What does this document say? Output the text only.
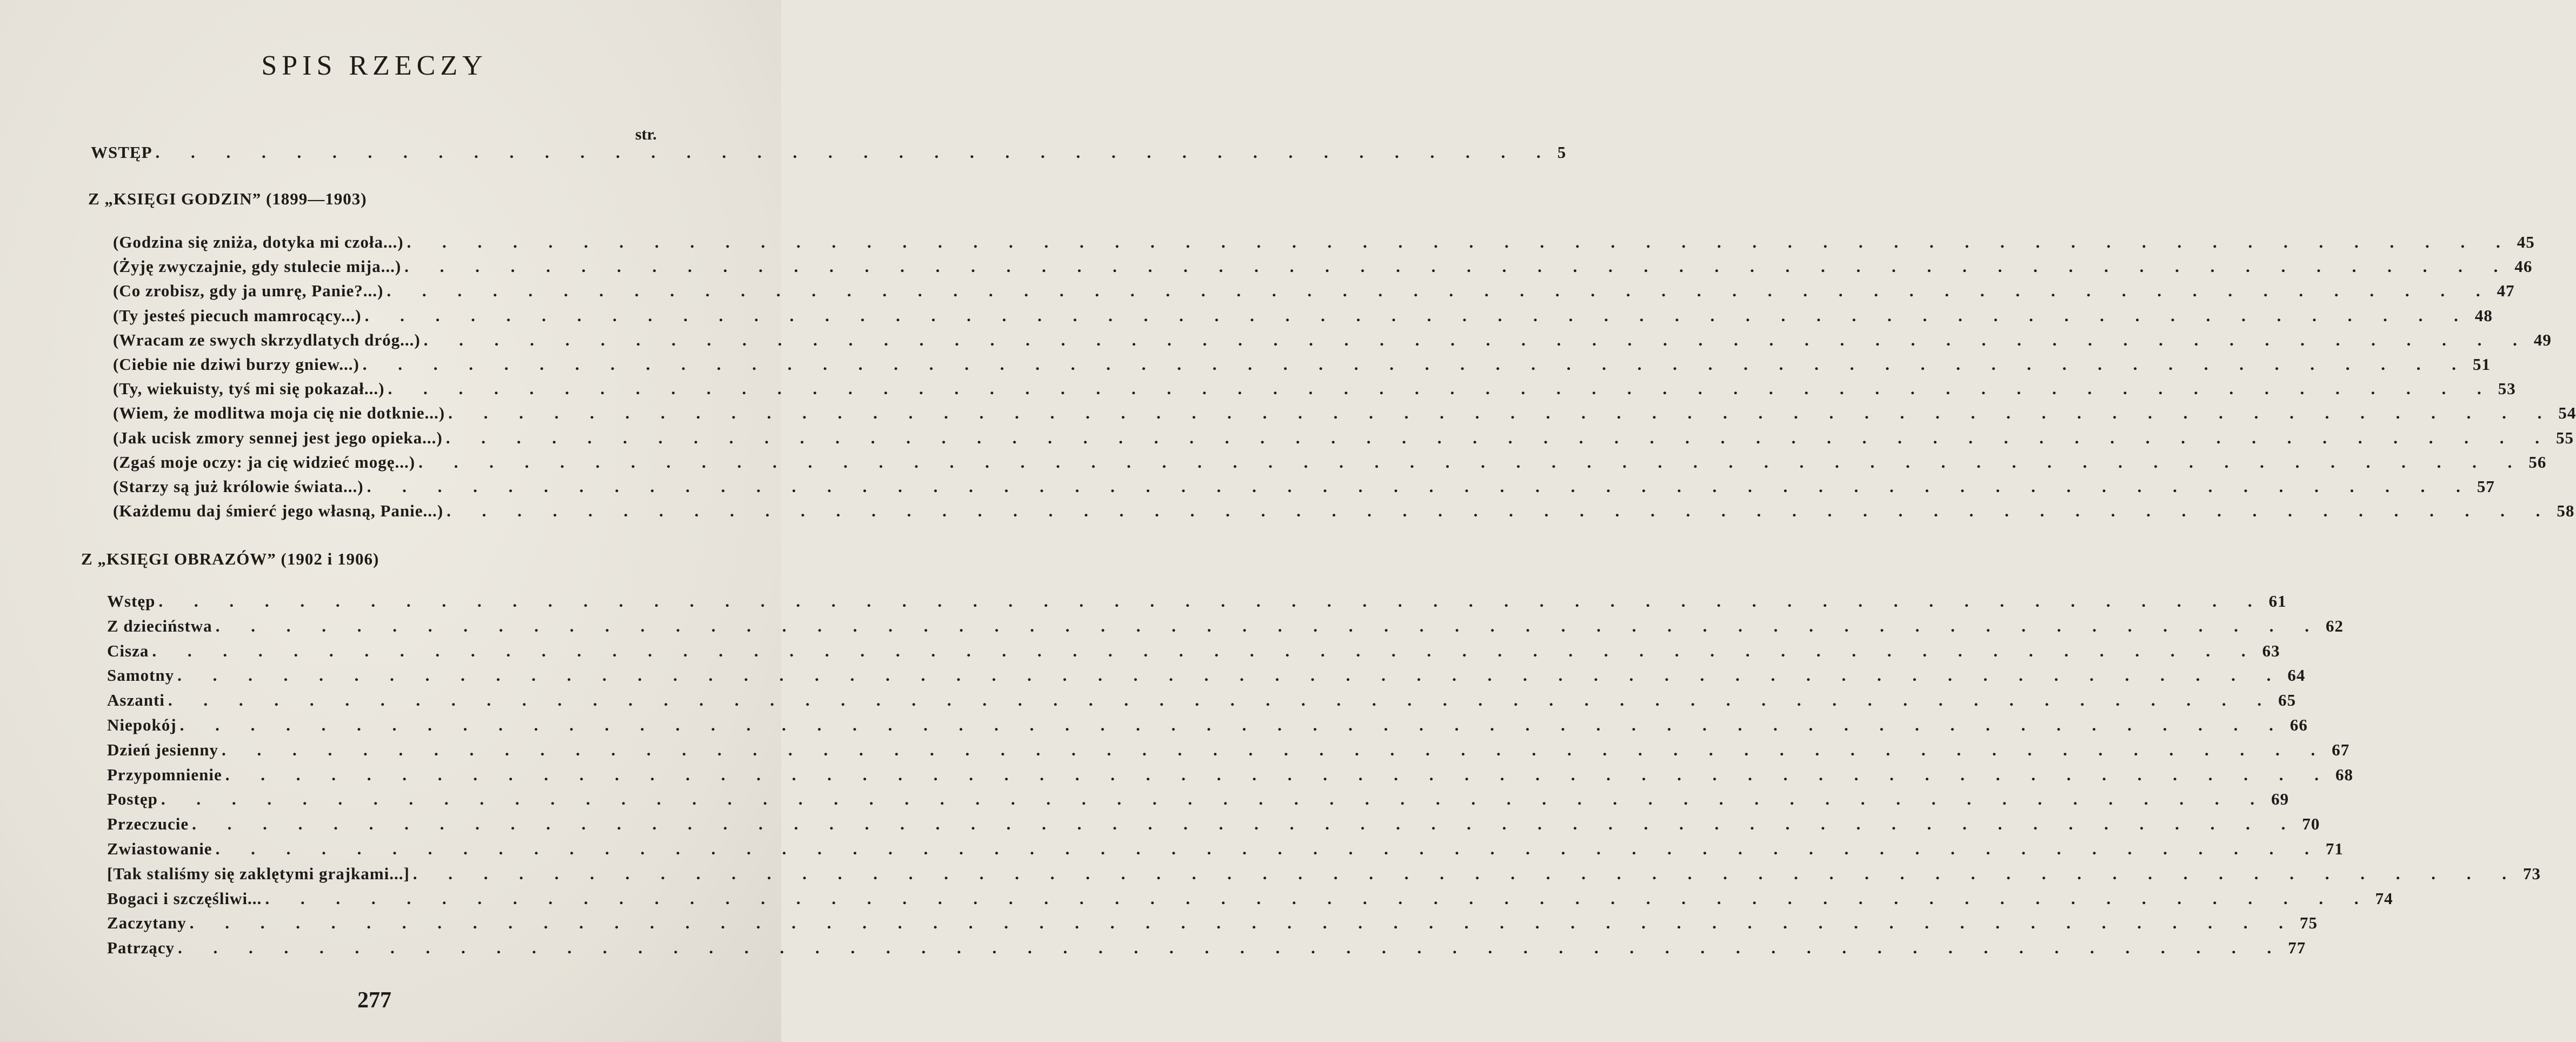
SPIS RZECZY
str.
WSTĘP . . . . . . . . . . . . . . . . . . . . . . . . . . . . . . . . . . . . . . . . 5
Z „KSIĘGI GODZIN” (1899—1903)
(Godzina się zniża, dotyka mi czoła...) . . . . . . . . . . . . . . . . . . . . . . . . . . . . . . . . . . . . . . . . . . . . . . . . . . . . . . . . . . . . 45
(Żyję zwyczajnie, gdy stulecie mija...) . . . . . . . . . . . . . . . . . . . . . . . . . . . . . . . . . . . . . . . . . . . . . . . . . . . . . . . . . . . . 46
(Co zrobisz, gdy ja umrę, Panie?...) . . . . . . . . . . . . . . . . . . . . . . . . . . . . . . . . . . . . . . . . . . . . . . . . . . . . . . . . . . . . 47
(Ty jesteś piecuch mamrocący...) . . . . . . . . . . . . . . . . . . . . . . . . . . . . . . . . . . . . . . . . . . . . . . . . . . . . . . . . . . . . 48
(Wracam ze swych skrzydlatych dróg...) . . . . . . . . . . . . . . . . . . . . . . . . . . . . . . . . . . . . . . . . . . . . . . . . . . . . . . . . . . . . 49
(Ciebie nie dziwi burzy gniew...) . . . . . . . . . . . . . . . . . . . . . . . . . . . . . . . . . . . . . . . . . . . . . . . . . . . . . . . . . . . . 51
(Ty, wiekuisty, tyś mi się pokazał...) . . . . . . . . . . . . . . . . . . . . . . . . . . . . . . . . . . . . . . . . . . . . . . . . . . . . . . . . . . . . 53
(Wiem, że modlitwa moja cię nie dotknie...) . . . . . . . . . . . . . . . . . . . . . . . . . . . . . . . . . . . . . . . . . . . . . . . . . . . . . . . . . . . . 54
(Jak ucisk zmory sennej jest jego opieka...) . . . . . . . . . . . . . . . . . . . . . . . . . . . . . . . . . . . . . . . . . . . . . . . . . . . . . . . . . . . . 55
(Zgaś moje oczy: ja cię widzieć mogę...) . . . . . . . . . . . . . . . . . . . . . . . . . . . . . . . . . . . . . . . . . . . . . . . . . . . . . . . . . . . . 56
(Starzy są już królowie świata...) . . . . . . . . . . . . . . . . . . . . . . . . . . . . . . . . . . . . . . . . . . . . . . . . . . . . . . . . . . . . 57
(Każdemu daj śmierć jego własną, Panie...) . . . . . . . . . . . . . . . . . . . . . . . . . . . . . . . . . . . . . . . . . . . . . . . . . . . . . . . . . . . . 58
Z „KSIĘGI OBRAZÓW” (1902 i 1906)
Wstęp . . . . . . . . . . . . . . . . . . . . . . . . . . . . . . . . . . . . . . . . . . . . . . . . . . . . . . . . . . . . 61
Z dzieciństwa . . . . . . . . . . . . . . . . . . . . . . . . . . . . . . . . . . . . . . . . . . . . . . . . . . . . . . . . . . . . 62
Cisza . . . . . . . . . . . . . . . . . . . . . . . . . . . . . . . . . . . . . . . . . . . . . . . . . . . . . . . . . . . . 63
Samotny . . . . . . . . . . . . . . . . . . . . . . . . . . . . . . . . . . . . . . . . . . . . . . . . . . . . . . . . . . . . 64
Aszanti . . . . . . . . . . . . . . . . . . . . . . . . . . . . . . . . . . . . . . . . . . . . . . . . . . . . . . . . . . . . 65
Niepokój . . . . . . . . . . . . . . . . . . . . . . . . . . . . . . . . . . . . . . . . . . . . . . . . . . . . . . . . . . . . 66
Dzień jesienny . . . . . . . . . . . . . . . . . . . . . . . . . . . . . . . . . . . . . . . . . . . . . . . . . . . . . . . . . . . . 67
Przypomnienie . . . . . . . . . . . . . . . . . . . . . . . . . . . . . . . . . . . . . . . . . . . . . . . . . . . . . . . . . . . . 68
Postęp . . . . . . . . . . . . . . . . . . . . . . . . . . . . . . . . . . . . . . . . . . . . . . . . . . . . . . . . . . . . 69
Przeczucie . . . . . . . . . . . . . . . . . . . . . . . . . . . . . . . . . . . . . . . . . . . . . . . . . . . . . . . . . . . . 70
Zwiastowanie . . . . . . . . . . . . . . . . . . . . . . . . . . . . . . . . . . . . . . . . . . . . . . . . . . . . . . . . . . . . 71
[Tak staliśmy się zaklętymi grajkami...] . . . . . . . . . . . . . . . . . . . . . . . . . . . . . . . . . . . . . . . . . . . . . . . . . . . . . . . . . . . . 73
Bogaci i szczęśliwi... . . . . . . . . . . . . . . . . . . . . . . . . . . . . . . . . . . . . . . . . . . . . . . . . . . . . . . . . . . . . 74
Zaczytany . . . . . . . . . . . . . . . . . . . . . . . . . . . . . . . . . . . . . . . . . . . . . . . . . . . . . . . . . . . . 75
Patrzący . . . . . . . . . . . . . . . . . . . . . . . . . . . . . . . . . . . . . . . . . . . . . . . . . . . . . . . . . . . . 77
277
